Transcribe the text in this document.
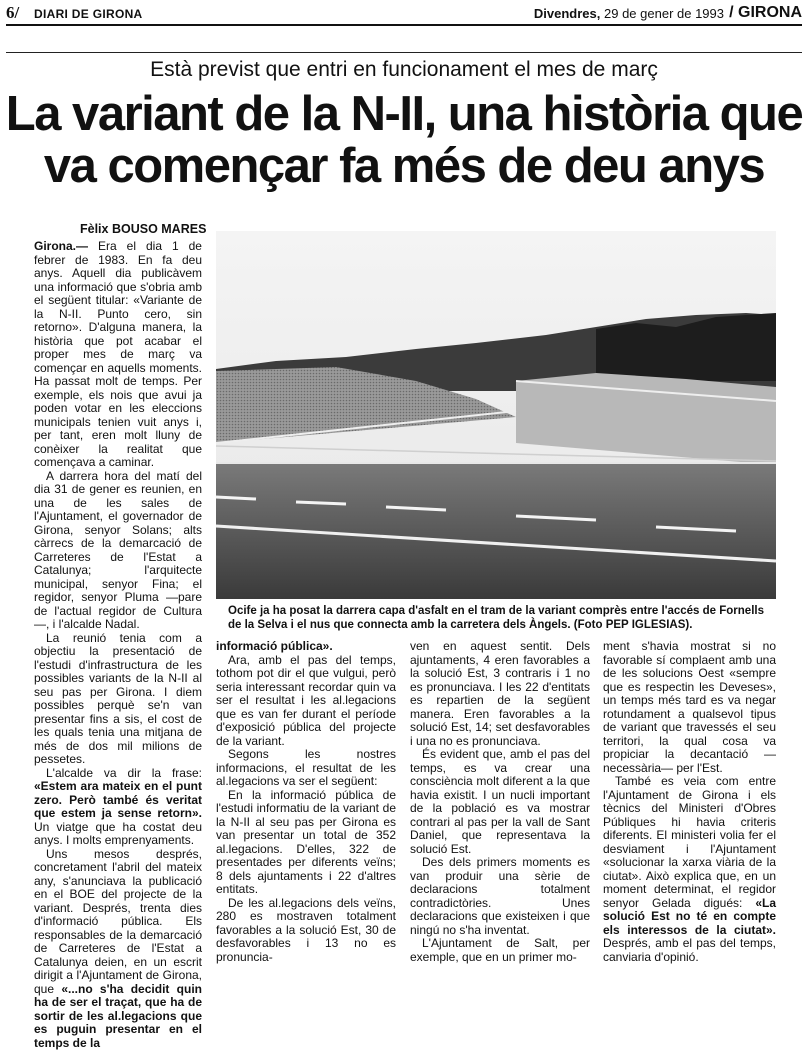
6/ DIARI DE GIRONA	Divendres, 29 de gener de 1993 / GIRONA
Està previst que entri en funcionament el mes de març
La variant de la N-II, una història que
va començar fa més de deu anys
Fèlix BOUSO MARES

Girona.— Era el dia 1 de febrer de 1983. En fa deu anys. Aquell dia publicàvem una informació que s'obria amb el següent titular: «Variante de la N-II. Punto cero, sin retorno». D'alguna manera, la història que pot acabar el proper mes de març va començar en aquells moments. Ha passat molt de temps. Per exemple, els nois que avui ja poden votar en les eleccions municipals tenien vuit anys i, per tant, eren molt lluny de conèixer la realitat que començava a caminar.

A darrera hora del matí del dia 31 de gener es reunien, en una de les sales de l'Ajuntament, el governador de Girona, senyor Solans; alts càrrecs de la demarcació de Carreteres de l'Estat a Catalunya; l'arquitecte municipal, senyor Fina; el regidor, senyor Pluma —pare de l'actual regidor de Cultura—, i l'alcalde Nadal.

La reunió tenia com a objectiu la presentació de l'estudi d'infrastructura de les possibles variants de la N-II al seu pas per Girona. I diem possibles perquè se'n van presentar fins a sis, el cost de les quals tenia una mitjana de més de dos mil milions de pessetes.

L'alcalde va dir la frase: «Estem ara mateix en el punt zero. Però també és veritat que estem ja sense retorn». Un viatge que ha costat deu anys. I molts emprenyaments.

Uns mesos després, concretament l'abril del mateix any, s'anunciava la publicació en el BOE del projecte de la variant. Després, trenta dies d'informació pública. Els responsables de la demarcació de Carreteres de l'Estat a Catalunya deien, en un escrit dirigit a l'Ajuntament de Girona, que «...no s'ha decidit quin ha de ser el traçat, que ha de sortir de les al.legacions que es puguin presentar en el temps de la

Ocife ja ha posat la darrera capa d'asfalt en el tram de la variant comprès entre l'accés de Fornells de la Selva i el nus que connecta amb la carretera dels Àngels. (Foto PEP IGLESIAS).

informació pública».

Ara, amb el pas del temps, tothom pot dir el que vulgui, però seria interessant recordar quin va ser el resultat i les al.legacions que es van fer durant el període d'exposició pública del projecte de la variant.

Segons les nostres informacions, el resultat de les al.legacions va ser el següent:

En la informació pública de l'estudi informatiu de la variant de la N-II al seu pas per Girona es van presentar un total de 352 al.legacions. D'elles, 322 de presentades per diferents veïns; 8 dels ajuntaments i 22 d'altres entitats.

De les al.legacions dels veïns, 280 es mostraven totalment favorables a la solució Est, 30 de desfavorables i 13 no es pronuncia-

ven en aquest sentit. Dels ajuntaments, 4 eren favorables a la solució Est, 3 contraris i 1 no es pronunciava. I les 22 d'entitats es repartien de la següent manera. Eren favorables a la solució Est, 14; set desfavorables i una no es pronunciava.

És evident que, amb el pas del temps, es va crear una consciència molt diferent a la que havia existit. I un nucli important de la població es va mostrar contrari al pas per la vall de Sant Daniel, que representava la solució Est.

Des dels primers moments es van produir una sèrie de declaracions totalment contradictòries. Unes declaracions que existeixen i que ningú no s'ha inventat.

L'Ajuntament de Salt, per exemple, que en un primer mo-

ment s'havia mostrat si no favorable sí complaent amb una de les solucions Oest «sempre que es respectin les Deveses», un temps més tard es va negar rotundament a qualsevol tipus de variant que travessés el seu territori, la qual cosa va propiciar la decantació —necessària— per l'Est.

També es veia com entre l'Ajuntament de Girona i els tècnics del Ministeri d'Obres Públiques hi havia criteris diferents. El ministeri volia fer el desviament i l'Ajuntament «solucionar la xarxa viària de la ciutat». Això explica que, en un moment determinat, el regidor senyor Gelada digués: «La solució Est no té en compte els interessos de la ciutat». Després, amb el pas del temps, canviaria d'opinió.
